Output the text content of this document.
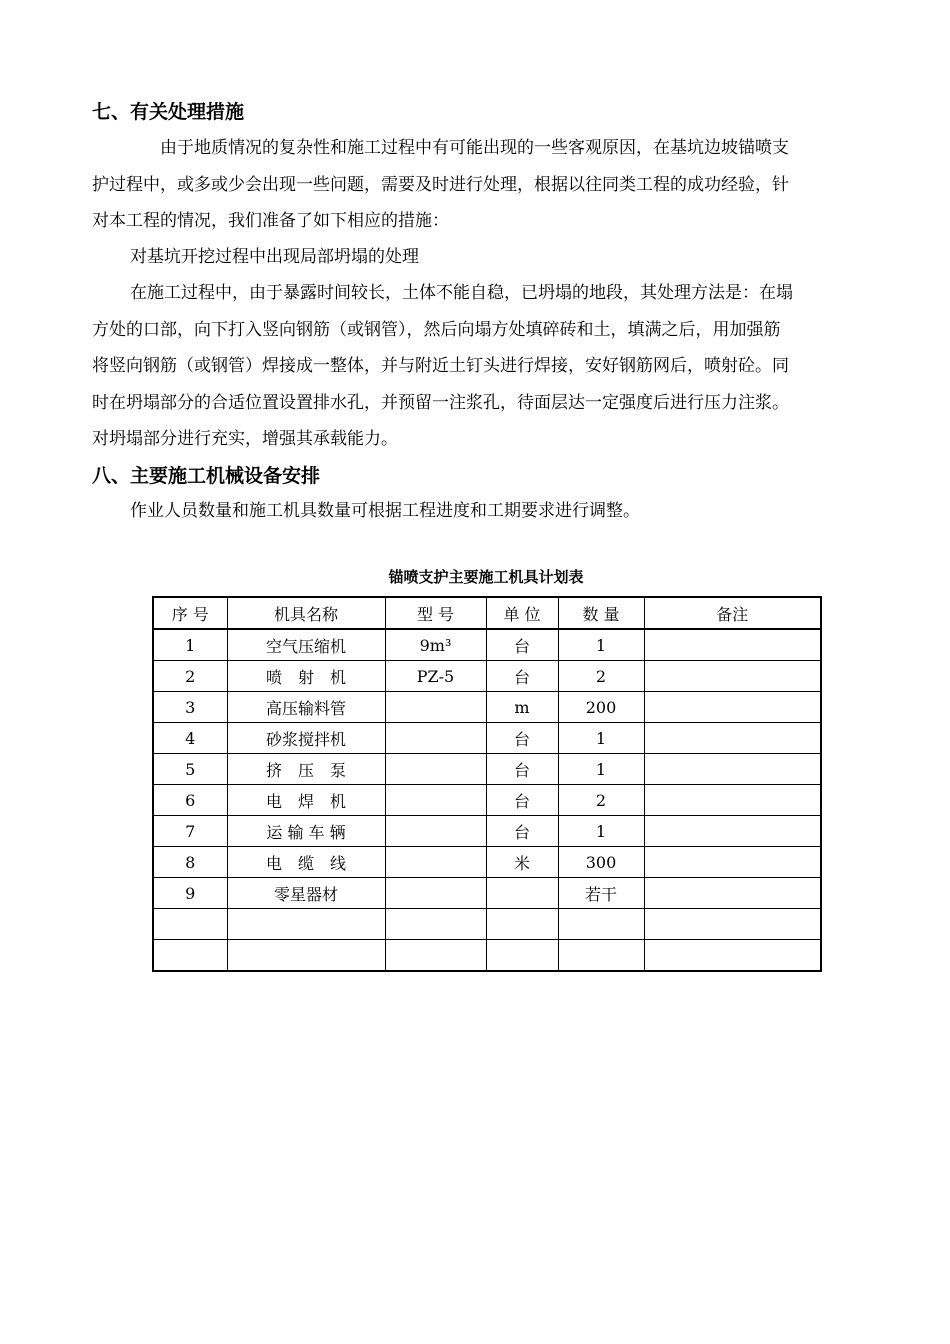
七、有关处理措施
由于地质情况的复杂性和施工过程中有可能出现的一些客观原因，在基坑边坡锚喷支
护过程中，或多或少会出现一些问题，需要及时进行处理，根据以往同类工程的成功经验，针
对本工程的情况，我们准备了如下相应的措施：
对基坑开挖过程中出现局部坍塌的处理
在施工过程中，由于暴露时间较长，土体不能自稳，已坍塌的地段，其处理方法是：在塌
方处的口部，向下打入竖向钢筋（或钢管），然后向塌方处填碎砖和土，填满之后，用加强筋
将竖向钢筋（或钢管）焊接成一整体，并与附近土钉头进行焊接，安好钢筋网后，喷射砼。同
时在坍塌部分的合适位置设置排水孔，并预留一注浆孔，待面层达一定强度后进行压力注浆。
对坍塌部分进行充实，增强其承载能力。
八、主要施工机械设备安排
作业人员数量和施工机具数量可根据工程进度和工期要求进行调整。
锚喷支护主要施工机具计划表
序 号	机具名称	型 号	单 位	数 量	备注
1	空气压缩机	9m³	台	1	
2	喷　射　机	PZ-5	台	2	
3	高压输料管		m	200	
4	砂浆搅拌机		台	1	
5	挤　压　泵		台	1	
6	电　焊　机		台	2	
7	运 输 车 辆		台	1	
8	电　缆　线		米	300	
9	零星器材			若干	
